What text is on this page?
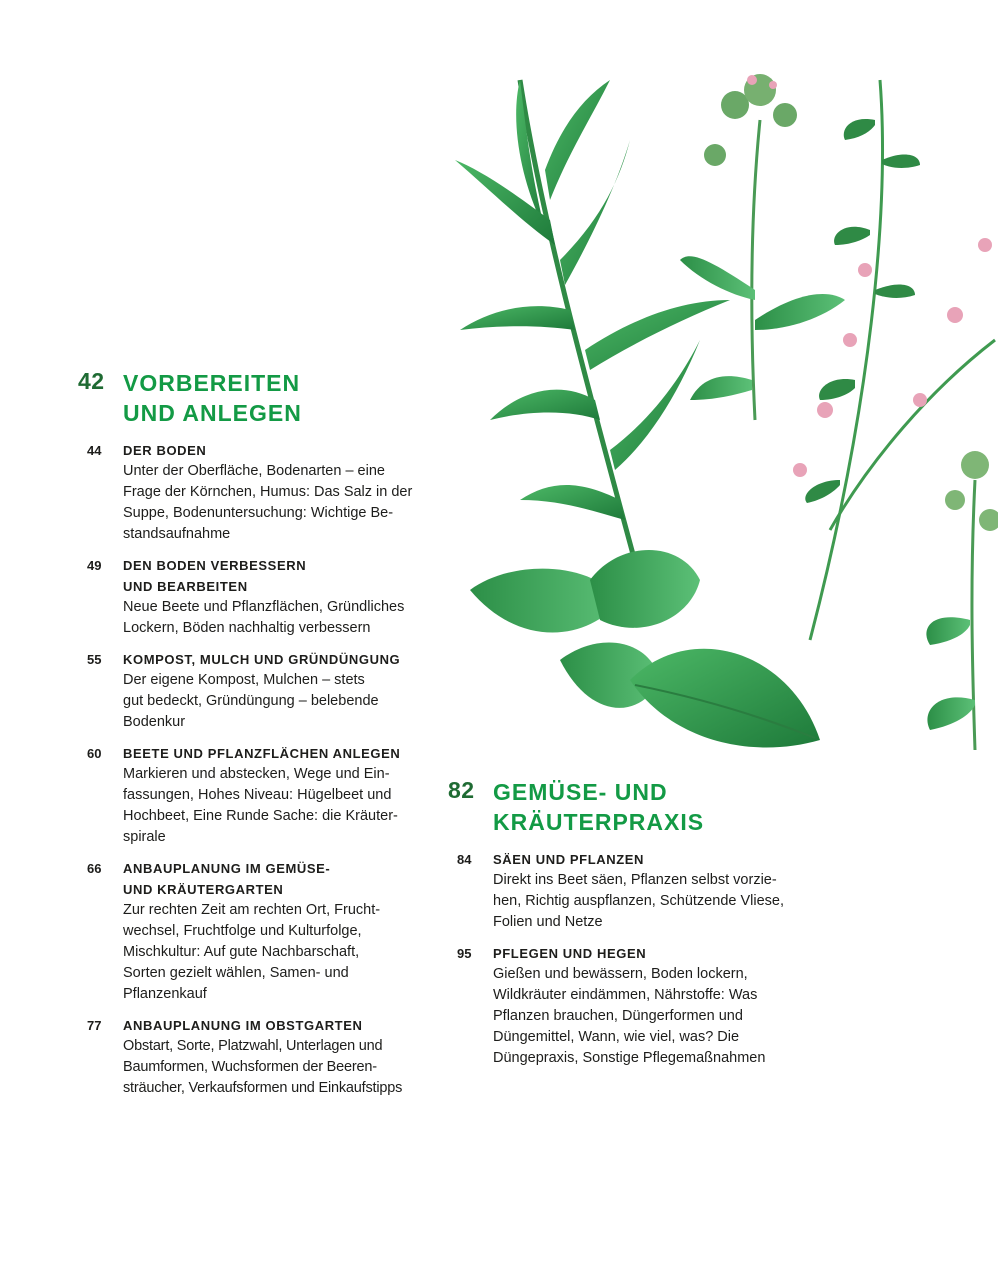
42 VORBEREITEN
UND ANLEGEN
44 DER BODEN

Unter der Oberfläche, Bodenarten – eine
Frage der Körnchen, Humus: Das Salz in der
Suppe, Bodenuntersuchung: Wichtige Be-
standsaufnahme

49 DEN BODEN VERBESSERN
UND BEARBEITEN

Neue Beete und Pflanzflächen, Gründliches
Lockern, Böden nachhaltig verbessern

55 KOMPOST, MULCH UND GRÜNDÜNGUNG

Der eigene Kompost, Mulchen – stets
gut bedeckt, Gründüngung – belebende
Bodenkur

60 BEETE UND PFLANZFLÄCHEN ANLEGEN

Markieren und abstecken, Wege und Ein-
fassungen, Hohes Niveau: Hügelbeet und
Hochbeet, Eine Runde Sache: die Kräuter-
spirale

66 ANBAUPLANUNG IM GEMÜSE-
UND KRÄUTERGARTEN

Zur rechten Zeit am rechten Ort, Frucht-
wechsel, Fruchtfolge und Kulturfolge,
Mischkultur: Auf gute Nachbarschaft,
Sorten gezielt wählen, Samen- und
Pflanzenkauf

77 ANBAUPLANUNG IM OBSTGARTEN

Obstart, Sorte, Platzwahl, Unterlagen und
Baumformen, Wuchsformen der Beeren-
sträucher, Verkaufsformen und Einkaufstipps

82 GEMÜSE- UND
KRÄUTERPRAXIS
84 SÄEN UND PFLANZEN

Direkt ins Beet säen, Pflanzen selbst vorzie-
hen, Richtig auspflanzen, Schützende Vliese,
Folien und Netze

95 PFLEGEN UND HEGEN

Gießen und bewässern, Boden lockern,
Wildkräuter eindämmen, Nährstoffe: Was
Pflanzen brauchen, Düngerformen und
Düngemittel, Wann, wie viel, was? Die
Düngepraxis, Sonstige Pflegemaßnahmen
